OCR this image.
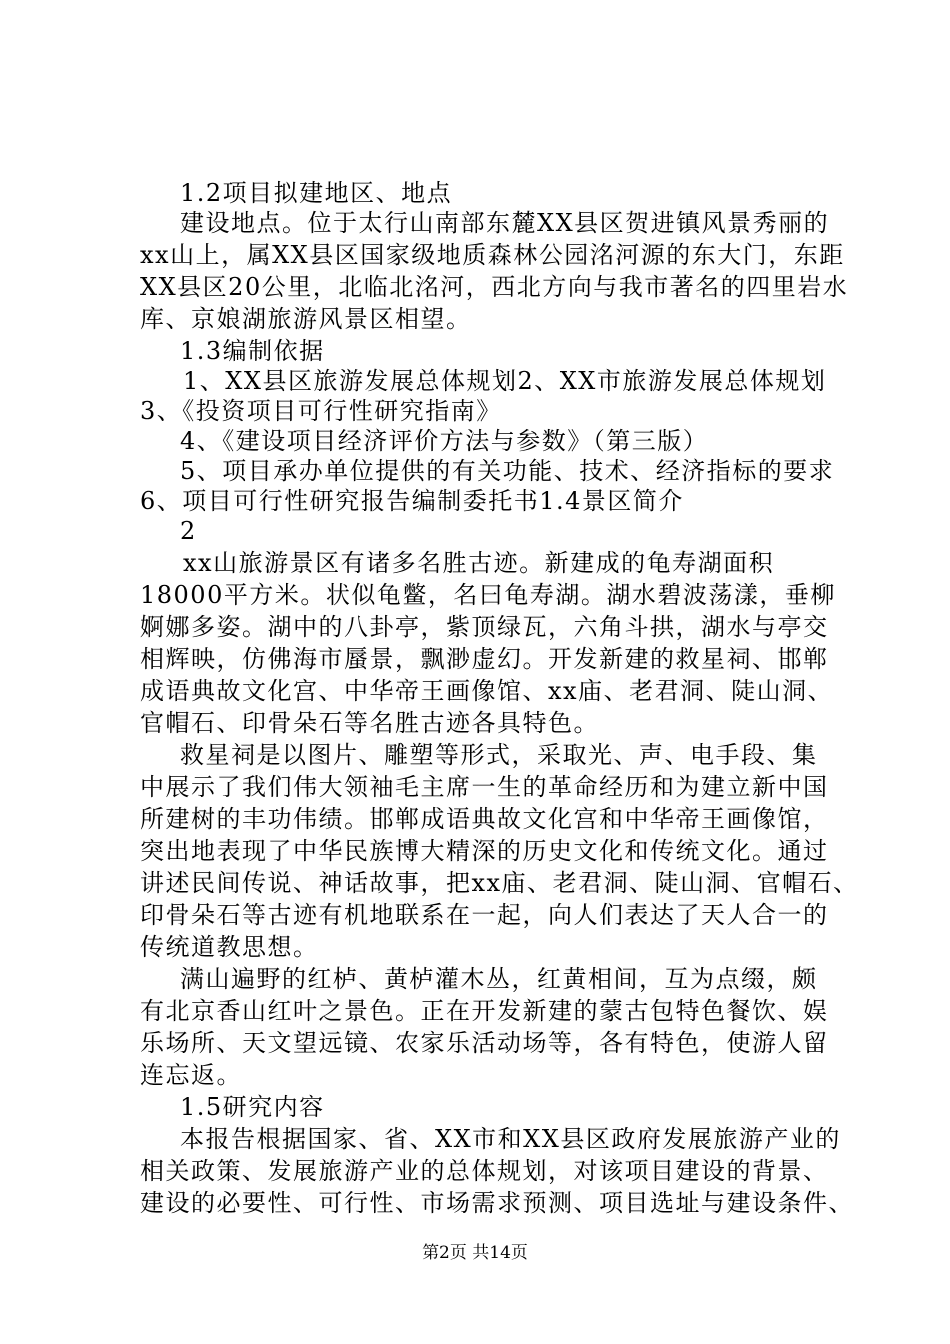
1.2项目拟建地区、地点
建设地点。位于太行山南部东麓XX县区贺进镇风景秀丽的
xx山上，属XX县区国家级地质森林公园洺河源的东大门，东距
XX县区20公里，北临北洺河，西北方向与我市著名的四里岩水
库、京娘湖旅游风景区相望。
1.3编制依据
1、XX县区旅游发展总体规划2、XX市旅游发展总体规划
3、《投资项目可行性研究指南》
4、《建设项目经济评价方法与参数》（第三版）
5、项目承办单位提供的有关功能、技术、经济指标的要求
6、项目可行性研究报告编制委托书1.4景区简介
2
xx山旅游景区有诸多名胜古迹。新建成的龟寿湖面积
18000平方米。状似龟鳖，名曰龟寿湖。湖水碧波荡漾，垂柳
婀娜多姿。湖中的八卦亭，紫顶绿瓦，六角斗拱，湖水与亭交
相辉映，仿佛海市蜃景，飘渺虚幻。开发新建的救星祠、邯郸
成语典故文化宫、中华帝王画像馆、xx庙、老君洞、陡山洞、
官帽石、印骨朵石等名胜古迹各具特色。
救星祠是以图片、雕塑等形式，采取光、声、电手段、集
中展示了我们伟大领袖毛主席一生的革命经历和为建立新中国
所建树的丰功伟绩。邯郸成语典故文化宫和中华帝王画像馆，
突出地表现了中华民族博大精深的历史文化和传统文化。通过
讲述民间传说、神话故事，把xx庙、老君洞、陡山洞、官帽石、
印骨朵石等古迹有机地联系在一起，向人们表达了天人合一的
传统道教思想。
满山遍野的红栌、黄栌灌木丛，红黄相间，互为点缀，颇
有北京香山红叶之景色。正在开发新建的蒙古包特色餐饮、娱
乐场所、天文望远镜、农家乐活动场等，各有特色，使游人留
连忘返。
1.5研究内容
本报告根据国家、省、XX市和XX县区政府发展旅游产业的
相关政策、发展旅游产业的总体规划，对该项目建设的背景、
建设的必要性、可行性、市场需求预测、项目选址与建设条件、
第2页 共14页
